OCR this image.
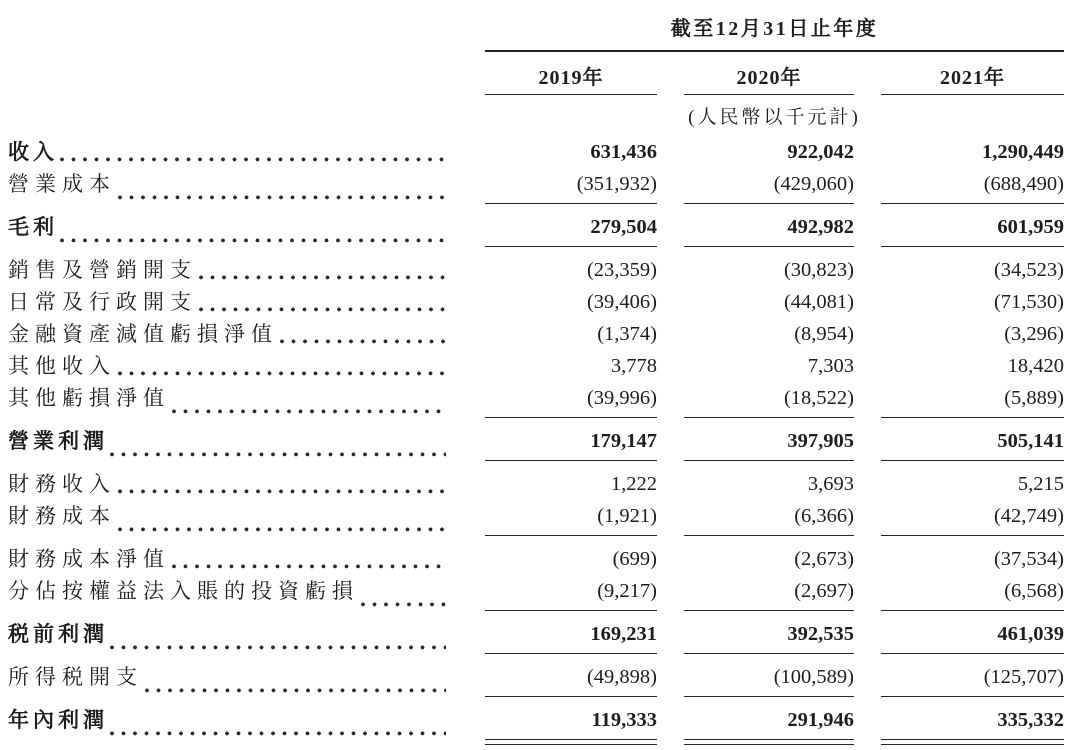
截至12月31日止年度
2019年	2020年	2021年
(人民幣以千元計)
收入	631,436	922,042	1,290,449
營業成本	(351,932)	(429,060)	(688,490)
毛利	279,504	492,982	601,959
銷售及營銷開支	(23,359)	(30,823)	(34,523)
日常及行政開支	(39,406)	(44,081)	(71,530)
金融資產減值虧損淨值	(1,374)	(8,954)	(3,296)
其他收入	3,778	7,303	18,420
其他虧損淨值	(39,996)	(18,522)	(5,889)
營業利潤	179,147	397,905	505,141
財務收入	1,222	3,693	5,215
財務成本	(1,921)	(6,366)	(42,749)
財務成本淨值	(699)	(2,673)	(37,534)
分佔按權益法入賬的投資虧損	(9,217)	(2,697)	(6,568)
税前利潤	169,231	392,535	461,039
所得税開支	(49,898)	(100,589)	(125,707)
年內利潤	119,333	291,946	335,332
